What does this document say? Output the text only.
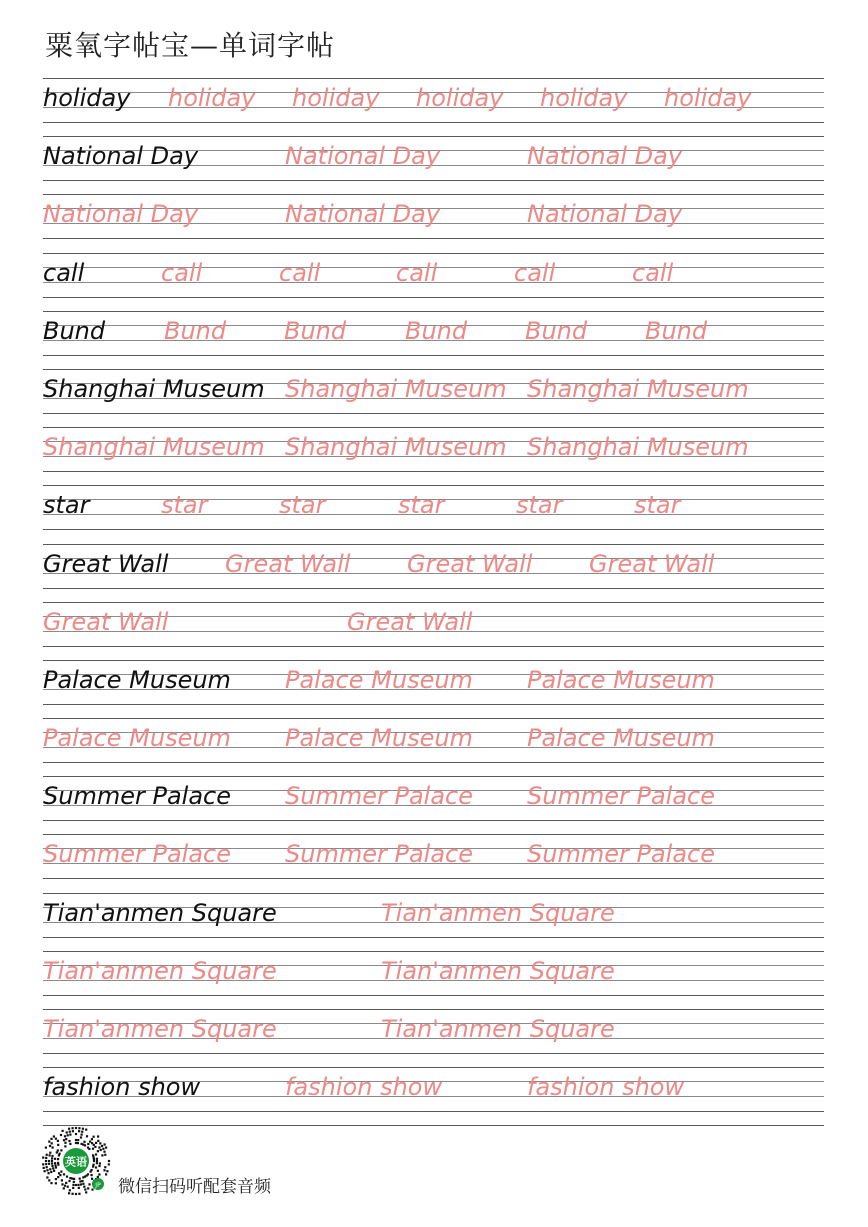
粟氧字帖宝—单词字帖
holiday holiday holiday holiday holiday holiday
National Day	National Day	National Day
National Day	National Day	National Day
call	call	call	call	call	call
Bund Bund Bund Bund Bund Bund
Shanghai Museum Shanghai Museum Shanghai Museum
Shanghai Museum Shanghai Museum Shanghai Museum
star	star	star	star	star	star
Great Wall Great Wall Great Wall Great Wall
Great Wall	Great Wall
Palace Museum Palace Museum Palace Museum
Palace Museum Palace Museum Palace Museum
Summer Palace Summer Palace Summer Palace
Summer Palace Summer Palace Summer Palace
Tian'anmen Square	Tian'anmen Square
Tian'anmen Square	Tian'anmen Square
Tian'anmen Square	Tian'anmen Square
fashion show	fashion show	fashion show
英语
JP 微信扫码听配套音频
